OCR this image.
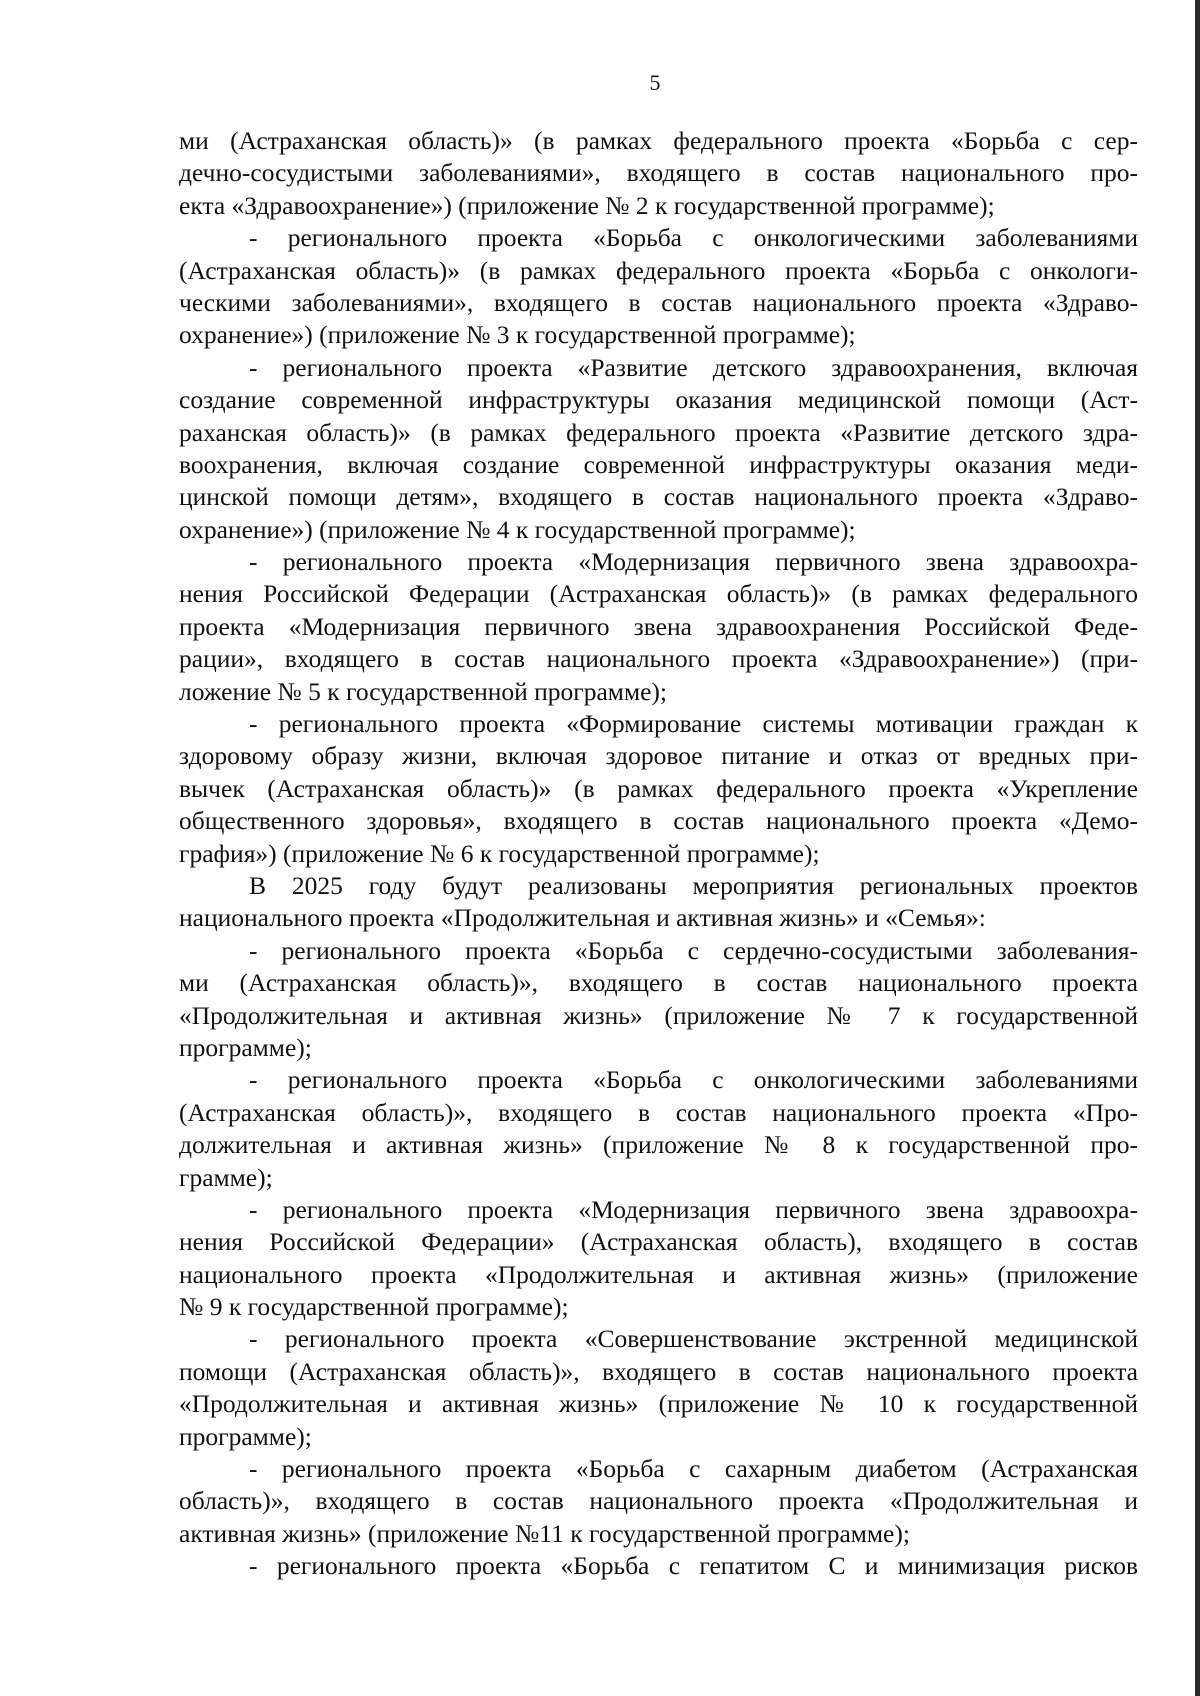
5
ми (Астраханская область)» (в рамках федерального проекта «Борьба с сер-
дечно-сосудистыми заболеваниями», входящего в состав национального про-
екта «Здравоохранение») (приложение № 2 к государственной программе);
- регионального проекта «Борьба с онкологическими заболеваниями
(Астраханская область)» (в рамках федерального проекта «Борьба с онкологи-
ческими заболеваниями», входящего в состав национального проекта «Здраво-
охранение») (приложение № 3 к государственной программе);
- регионального проекта «Развитие детского здравоохранения, включая
создание современной инфраструктуры оказания медицинской помощи (Аст-
раханская область)» (в рамках федерального проекта «Развитие детского здра-
воохранения, включая создание современной инфраструктуры оказания меди-
цинской помощи детям», входящего в состав национального проекта «Здраво-
охранение») (приложение № 4 к государственной программе);
- регионального проекта «Модернизация первичного звена здравоохра-
нения Российской Федерации (Астраханская область)» (в рамках федерального
проекта «Модернизация первичного звена здравоохранения Российской Феде-
рации», входящего в состав национального проекта «Здравоохранение») (при-
ложение № 5 к государственной программе);
- регионального проекта «Формирование системы мотивации граждан к
здоровому образу жизни, включая здоровое питание и отказ от вредных при-
вычек (Астраханская область)» (в рамках федерального проекта «Укрепление
общественного здоровья», входящего в состав национального проекта «Демо-
графия») (приложение № 6 к государственной программе);
В 2025 году будут реализованы мероприятия региональных проектов
национального проекта «Продолжительная и активная жизнь» и «Семья»:
- регионального проекта «Борьба с сердечно-сосудистыми заболевания-
ми (Астраханская область)», входящего в состав национального проекта
«Продолжительная и активная жизнь» (приложение № 7 к государственной
программе);
- регионального проекта «Борьба с онкологическими заболеваниями
(Астраханская область)», входящего в состав национального проекта «Про-
должительная и активная жизнь» (приложение № 8 к государственной про-
грамме);
- регионального проекта «Модернизация первичного звена здравоохра-
нения Российской Федерации» (Астраханская область), входящего в состав
национального проекта «Продолжительная и активная жизнь» (приложение
№ 9 к государственной программе);
- регионального проекта «Совершенствование экстренной медицинской
помощи (Астраханская область)», входящего в состав национального проекта
«Продолжительная и активная жизнь» (приложение № 10 к государственной
программе);
- регионального проекта «Борьба с сахарным диабетом (Астраханская
область)», входящего в состав национального проекта «Продолжительная и
активная жизнь» (приложение №11 к государственной программе);
- регионального проекта «Борьба с гепатитом С и минимизация рисков
